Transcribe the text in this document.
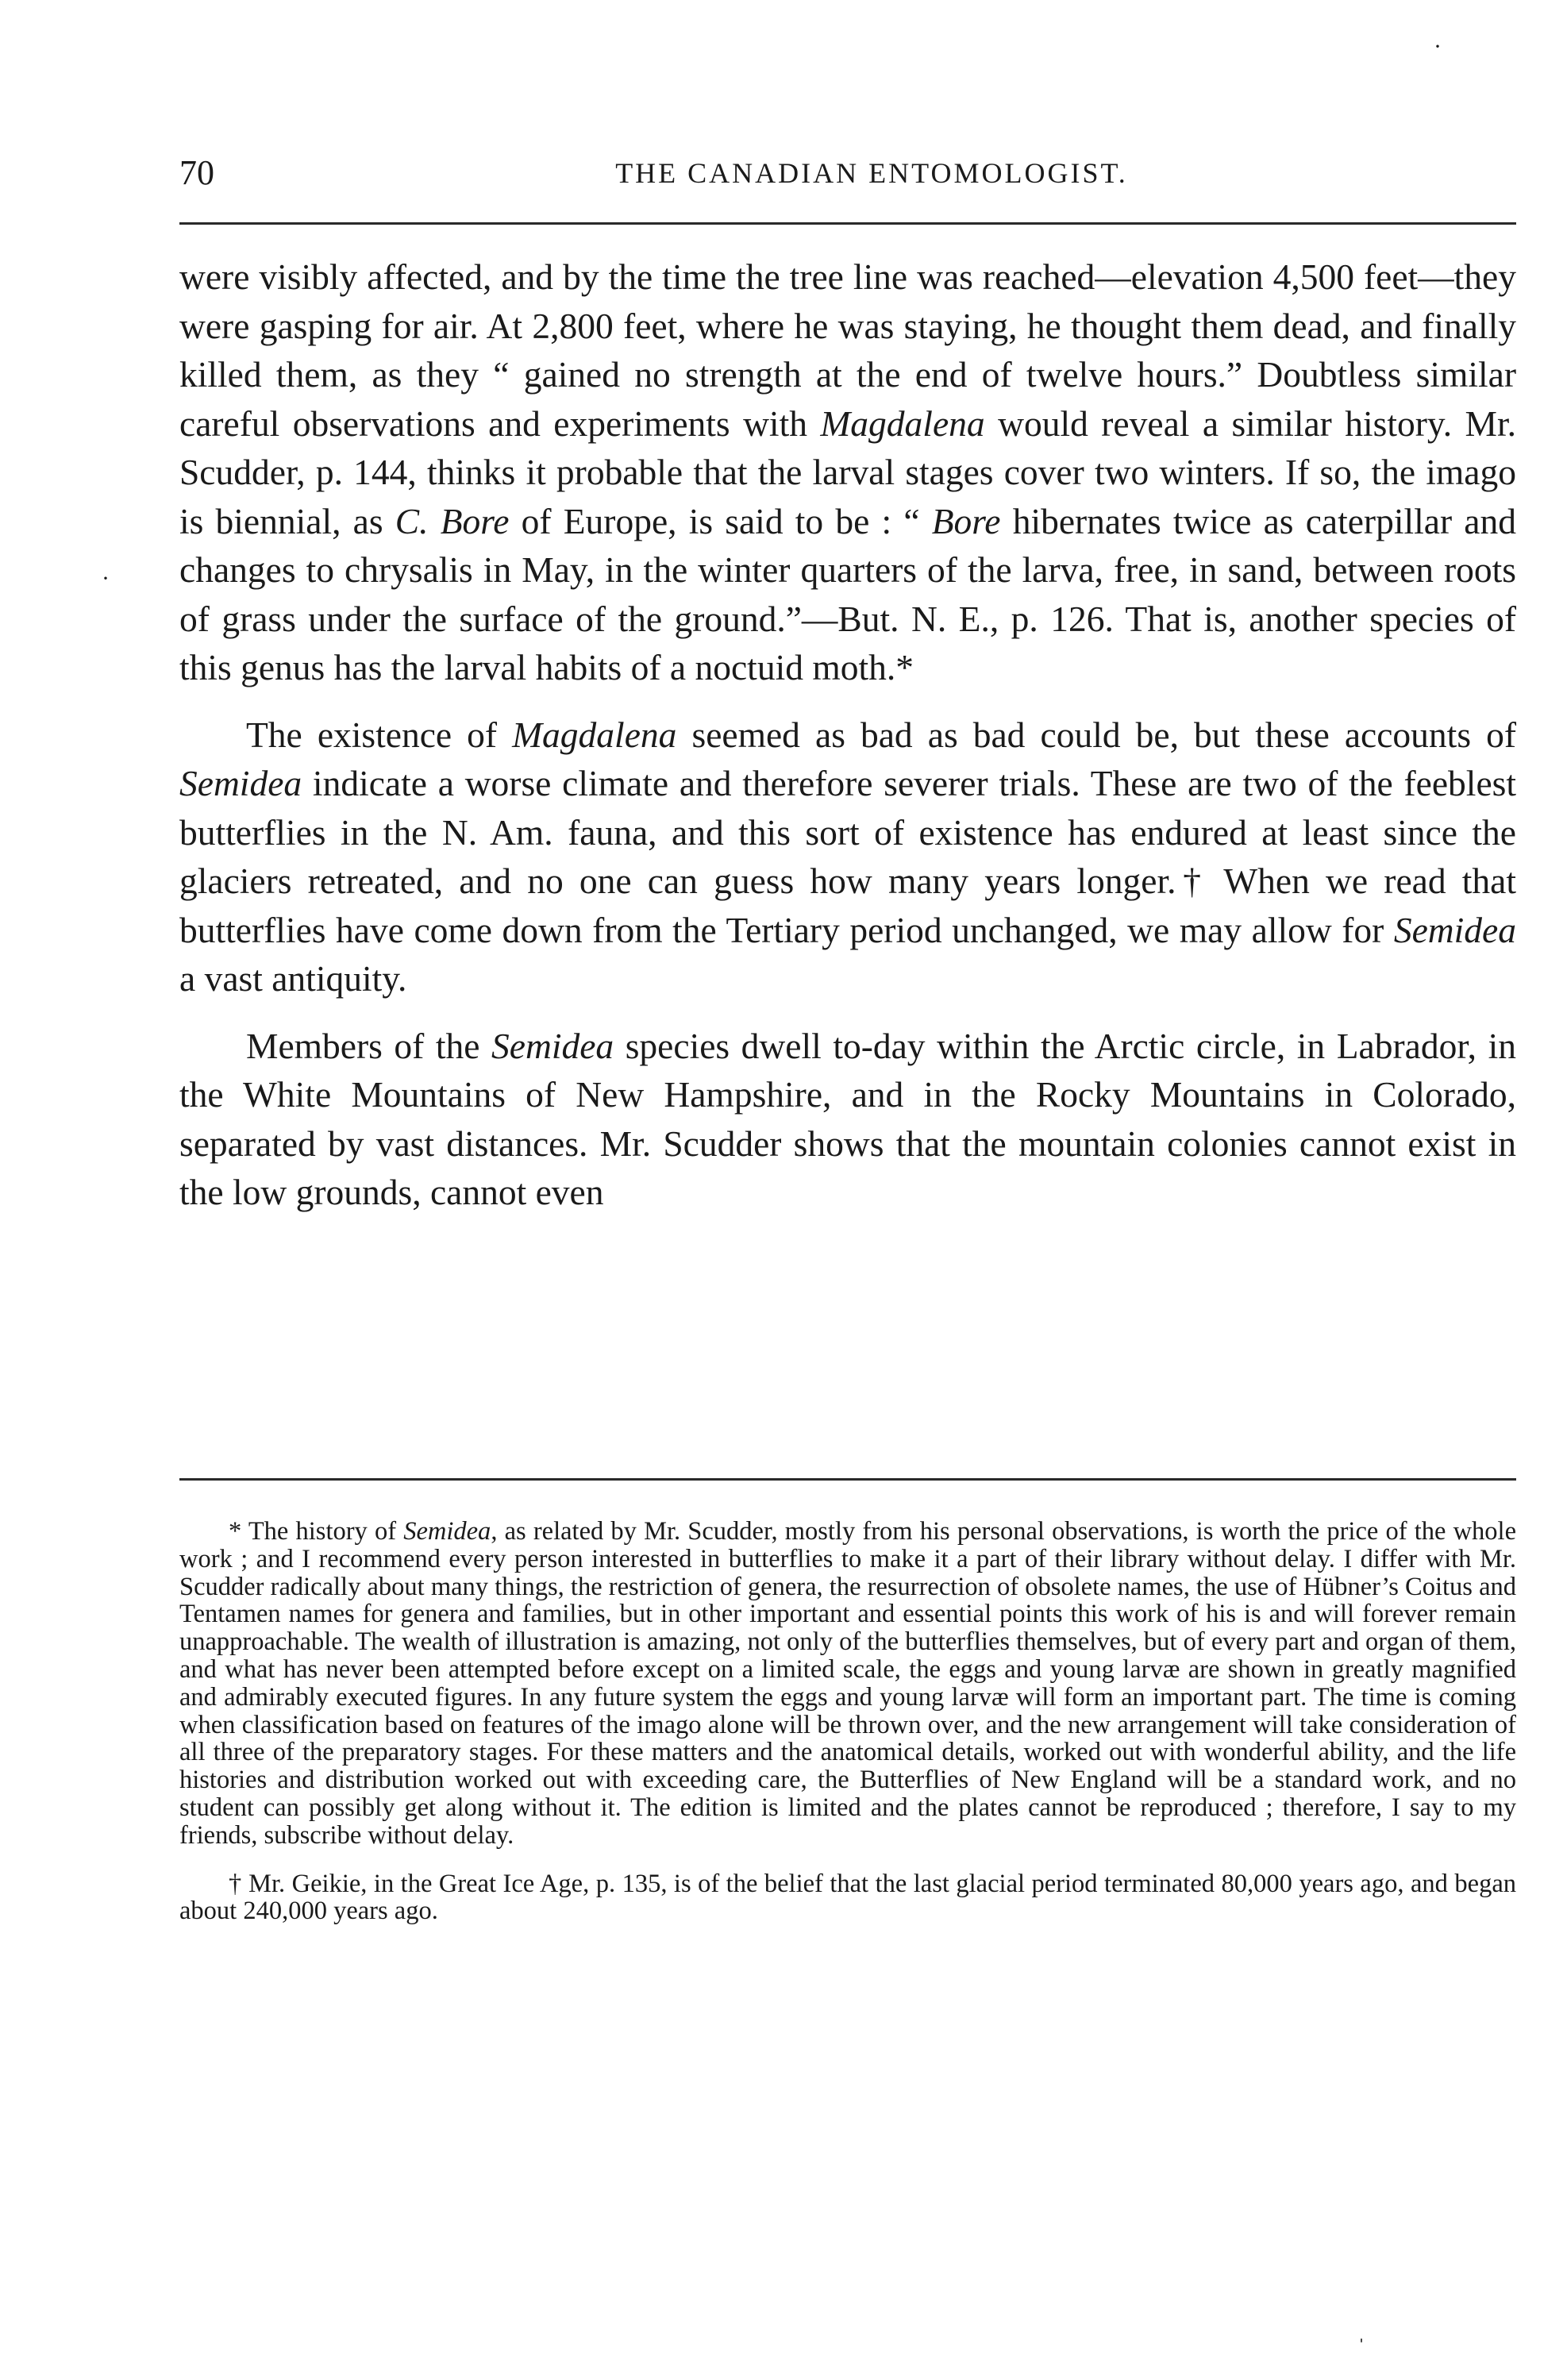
·
·
70	THE CANADIAN ENTOMOLOGIST.

were visibly affected, and by the time the tree line was reached—elevation 4,500 feet—they were gasping for air. At 2,800 feet, where he was staying, he thought them dead, and finally killed them, as they “ gained no strength at the end of twelve hours.” Doubtless similar careful observations and experiments with Magdalena would reveal a similar history. Mr. Scudder, p. 144, thinks it probable that the larval stages cover two winters. If so, the imago is biennial, as C. Bore of Europe, is said to be : “ Bore hibernates twice as caterpillar and changes to chrysalis in May, in the winter quarters of the larva, free, in sand, between roots of grass under the surface of the ground.”—But. N. E., p. 126. That is, another species of this genus has the larval habits of a noctuid moth.*

The existence of Magdalena seemed as bad as bad could be, but these accounts of Semidea indicate a worse climate and therefore severer trials. These are two of the feeblest butterflies in the N. Am. fauna, and this sort of existence has endured at least since the glaciers retreated, and no one can guess how many years longer.† When we read that butterflies have come down from the Tertiary period unchanged, we may allow for Semidea a vast antiquity.

Members of the Semidea species dwell to-day within the Arctic circle, in Labrador, in the White Mountains of New Hampshire, and in the Rocky Mountains in Colorado, separated by vast distances. Mr. Scudder shows that the mountain colonies cannot exist in the low grounds, cannot even

* The history of Semidea, as related by Mr. Scudder, mostly from his personal observations, is worth the price of the whole work ; and I recommend every person interested in butterflies to make it a part of their library without delay. I differ with Mr. Scudder radically about many things, the restriction of genera, the resurrection of obsolete names, the use of Hübner’s Coitus and Tentamen names for genera and families, but in other important and essential points this work of his is and will forever remain unapproachable. The wealth of illustration is amazing, not only of the butterflies themselves, but of every part and organ of them, and what has never been attempted before except on a limited scale, the eggs and young larvæ are shown in greatly magnified and admirably executed figures. In any future system the eggs and young larvæ will form an important part. The time is coming when classification based on features of the imago alone will be thrown over, and the new arrangement will take consideration of all three of the preparatory stages. For these matters and the anatomical details, worked out with wonderful ability, and the life histories and distribution worked out with exceeding care, the Butterflies of New England will be a standard work, and no student can possibly get along without it. The edition is limited and the plates cannot be reproduced ; therefore, I say to my friends, subscribe without delay.

† Mr. Geikie, in the Great Ice Age, p. 135, is of the belief that the last glacial period terminated 80,000 years ago, and began about 240,000 years ago.

ˌ
